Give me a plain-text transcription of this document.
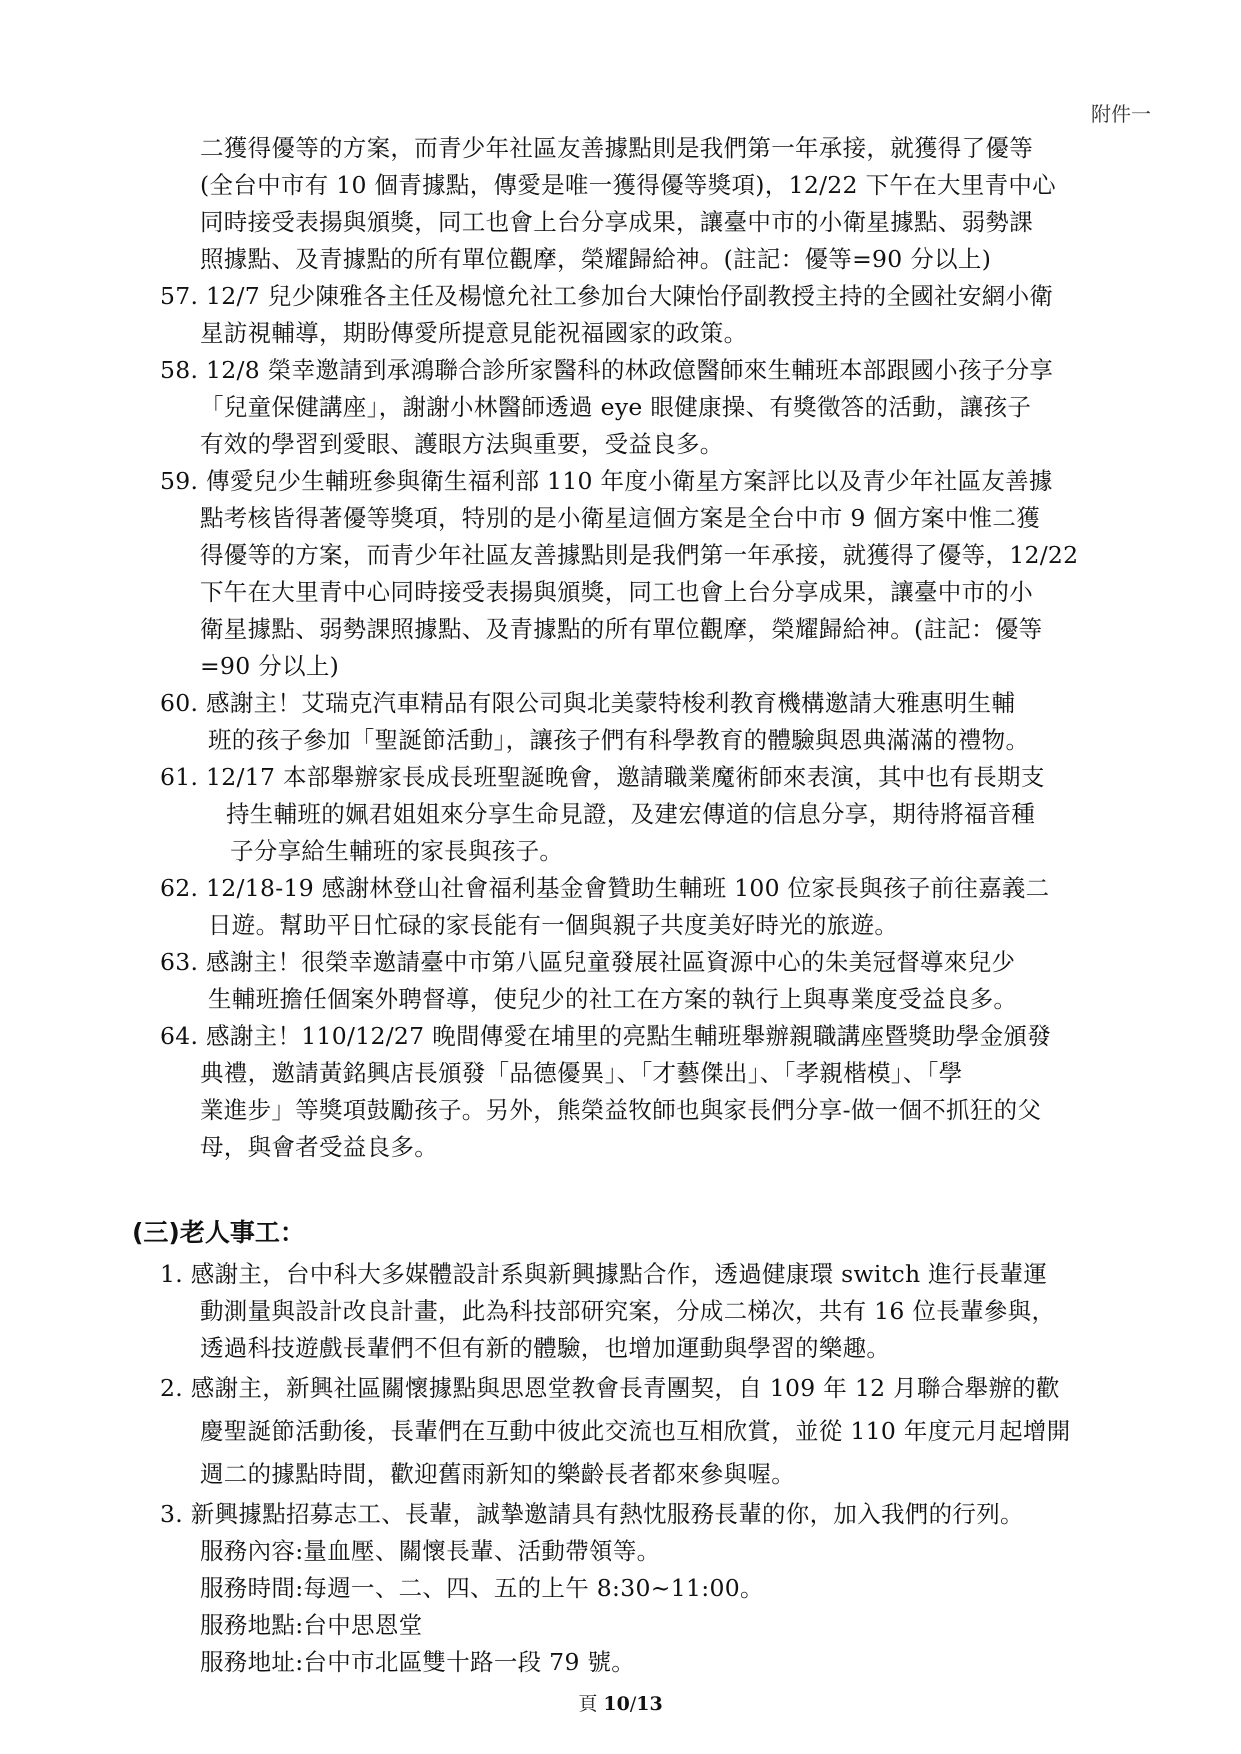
附件一
二獲得優等的方案，而青少年社區友善據點則是我們第一年承接，就獲得了優等
(全台中市有 10 個青據點，傳愛是唯一獲得優等獎項)，12/22 下午在大里青中心
同時接受表揚與頒獎，同工也會上台分享成果，讓臺中市的小衛星據點、弱勢課
照據點、及青據點的所有單位觀摩，榮耀歸給神。(註記：優等=90 分以上)
57. 12/7 兒少陳雅各主任及楊憶允社工參加台大陳怡伃副教授主持的全國社安網小衛
星訪視輔導，期盼傳愛所提意見能祝福國家的政策。
58. 12/8 榮幸邀請到承鴻聯合診所家醫科的林政億醫師來生輔班本部跟國小孩子分享
「兒童保健講座」，謝謝小林醫師透過 eye 眼健康操、有獎徵答的活動，讓孩子
有效的學習到愛眼、護眼方法與重要，受益良多。
59. 傳愛兒少生輔班參與衛生福利部 110 年度小衛星方案評比以及青少年社區友善據
點考核皆得著優等獎項，特別的是小衛星這個方案是全台中市 9 個方案中惟二獲
得優等的方案，而青少年社區友善據點則是我們第一年承接，就獲得了優等，12/22
下午在大里青中心同時接受表揚與頒獎，同工也會上台分享成果，讓臺中市的小
衛星據點、弱勢課照據點、及青據點的所有單位觀摩，榮耀歸給神。(註記：優等
=90 分以上)
60. 感謝主！艾瑞克汽車精品有限公司與北美蒙特梭利教育機構邀請大雅惠明生輔
班的孩子參加「聖誕節活動」，讓孩子們有科學教育的體驗與恩典滿滿的禮物。
61. 12/17 本部舉辦家長成長班聖誕晚會，邀請職業魔術師來表演，其中也有長期支
持生輔班的姵君姐姐來分享生命見證，及建宏傳道的信息分享，期待將福音種
子分享給生輔班的家長與孩子。
62. 12/18-19 感謝林登山社會福利基金會贊助生輔班 100 位家長與孩子前往嘉義二
日遊。幫助平日忙碌的家長能有一個與親子共度美好時光的旅遊。
63. 感謝主！很榮幸邀請臺中市第八區兒童發展社區資源中心的朱美冠督導來兒少
生輔班擔任個案外聘督導，使兒少的社工在方案的執行上與專業度受益良多。
64. 感謝主！110/12/27 晚間傳愛在埔里的亮點生輔班舉辦親職講座暨獎助學金頒發
典禮，邀請黃銘興店長頒發「品德優異」、「才藝傑出」、「孝親楷模」、「學
業進步」等獎項鼓勵孩子。另外，熊榮益牧師也與家長們分享-做一個不抓狂的父
母，與會者受益良多。
(三)老人事工：
1. 感謝主，台中科大多媒體設計系與新興據點合作，透過健康環 switch 進行長輩運
動測量與設計改良計畫，此為科技部研究案，分成二梯次，共有 16 位長輩參與，
透過科技遊戲長輩們不但有新的體驗，也增加運動與學習的樂趣。
2. 感謝主，新興社區關懷據點與思恩堂教會長青團契，自 109 年 12 月聯合舉辦的歡
慶聖誕節活動後，長輩們在互動中彼此交流也互相欣賞，並從 110 年度元月起增開
週二的據點時間，歡迎舊雨新知的樂齡長者都來參與喔。
3. 新興據點招募志工、長輩，誠摯邀請具有熱忱服務長輩的你，加入我們的行列。
服務內容:量血壓、關懷長輩、活動帶領等。
服務時間:每週一、二、四、五的上午 8:30~11:00。
服務地點:台中思恩堂
服務地址:台中市北區雙十路一段 79 號。
頁 10/13
